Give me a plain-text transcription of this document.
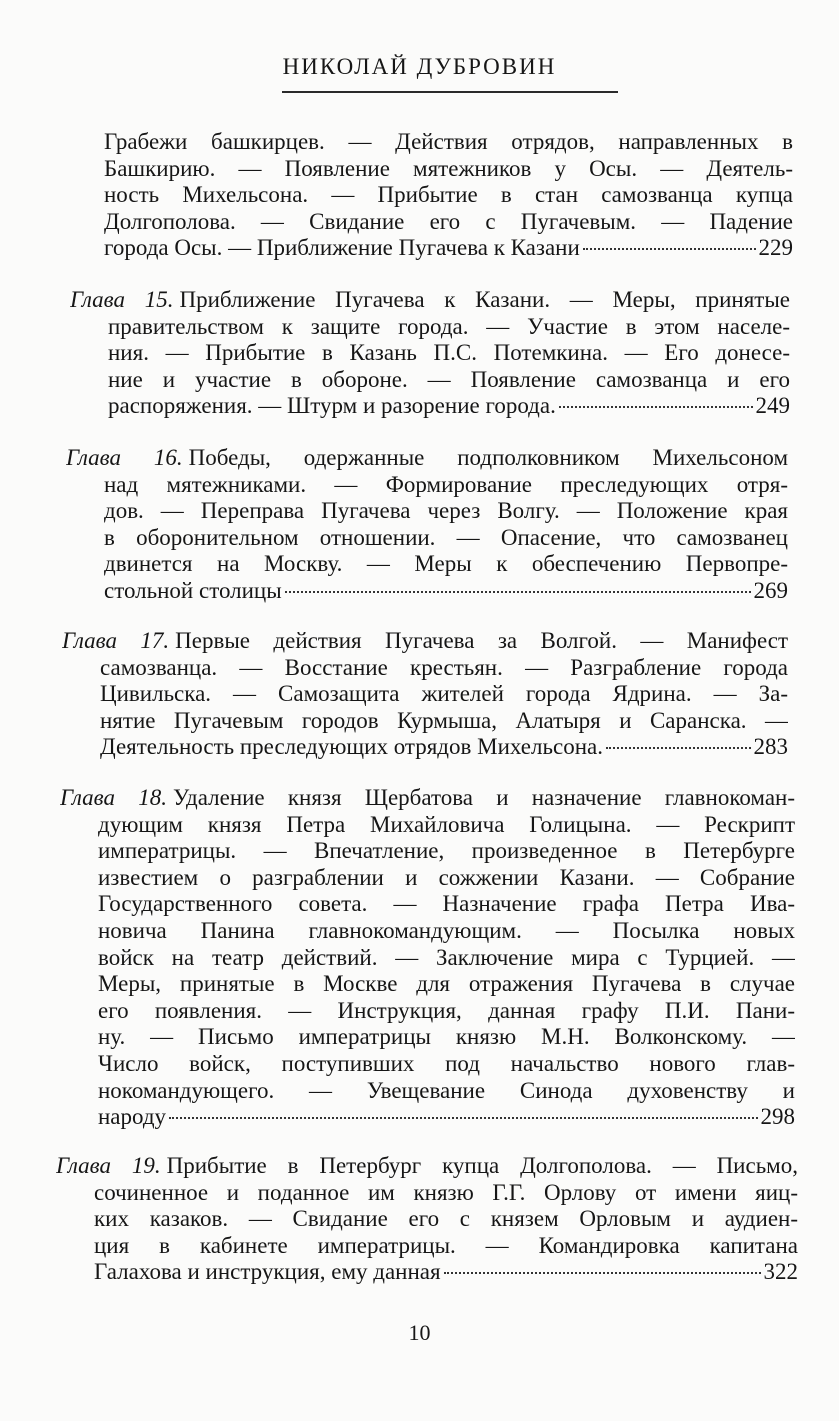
НИКОЛАЙ ДУБРОВИН
Грабежи башкирцев. — Действия отрядов, направленных в
Башкирию. — Появление мятежников у Осы. — Деятель-
ность Михельсона. — Прибытие в стан самозванца купца
Долгополова. — Свидание его с Пугачевым. — Падение
города Осы. — Приближение Пугачева к Казани	229
Глава 15. Приближение Пугачева к Казани. — Меры, принятые
правительством к защите города. — Участие в этом населе-
ния. — Прибытие в Казань П.С. Потемкина. — Его донесе-
ние и участие в обороне. — Появление самозванца и его
распоряжения. — Штурм и разорение города.	249
Глава 16. Победы, одержанные подполковником Михельсоном
над мятежниками. — Формирование преследующих отря-
дов. — Переправа Пугачева через Волгу. — Положение края
в оборонительном отношении. — Опасение, что самозванец
двинется на Москву. — Меры к обеспечению Первопре-
стольной столицы	269
Глава 17. Первые действия Пугачева за Волгой. — Манифест
самозванца. — Восстание крестьян. — Разграбление города
Цивильска. — Самозащита жителей города Ядрина. — За-
нятие Пугачевым городов Курмыша, Алатыря и Саранска. —
Деятельность преследующих отрядов Михельсона.	283
Глава 18. Удаление князя Щербатова и назначение главнокоман-
дующим князя Петра Михайловича Голицына. — Рескрипт
императрицы. — Впечатление, произведенное в Петербурге
известием о разграблении и сожжении Казани. — Собрание
Государственного совета. — Назначение графа Петра Ива-
новича Панина главнокомандующим. — Посылка новых
войск на театр действий. — Заключение мира с Турцией. —
Меры, принятые в Москве для отражения Пугачева в случае
его появления. — Инструкция, данная графу П.И. Пани-
ну. — Письмо императрицы князю М.Н. Волконскому. —
Число войск, поступивших под начальство нового глав-
нокомандующего. — Увещевание Синода духовенству и
народу	298
Глава 19. Прибытие в Петербург купца Долгополова. — Письмо,
сочиненное и поданное им князю Г.Г. Орлову от имени яиц-
ких казаков. — Свидание его с князем Орловым и аудиен-
ция в кабинете императрицы. — Командировка капитана
Галахова и инструкция, ему данная	322
10
